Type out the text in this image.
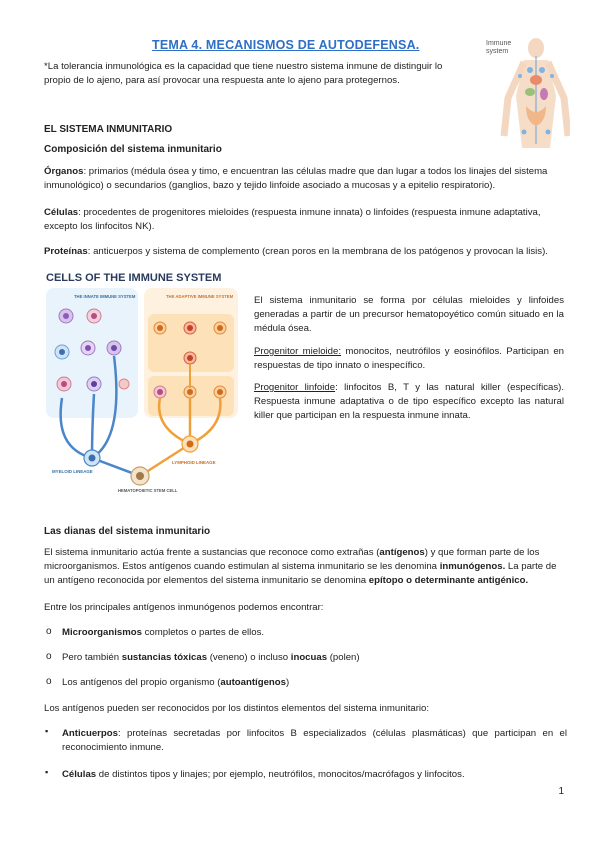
TEMA 4. MECANISMOS DE AUTODEFENSA.	Immune
system
*La tolerancia inmunológica es la capacidad que tiene nuestro sistema inmune de distinguir lo propio de lo ajeno, para así provocar una respuesta ante lo ajeno para protegernos.
EL SISTEMA INMUNITARIO
Composición del sistema inmunitario
Órganos: primarios (médula ósea y timo, e encuentran las células madre que dan lugar a todos los linajes del sistema inmunológico) o secundarios (ganglios, bazo y tejido linfoide asociado a mucosas y a epitelio respiratorio).
Células: procedentes de progenitores mieloides (respuesta inmune innata) o linfoides (respuesta inmune adaptativa, excepto los linfocitos NK).
Proteínas: anticuerpos y sistema de complemento (crean poros en la membrana de los patógenos y provocan la lisis).
CELLS OF THE IMMUNE SYSTEM
THE INNATE IMMUNE SYSTEM	THE ADAPTIVE IMMUNE SYSTEM
MYELOID LINEAGE
LYMPHOID LINEAGE
HEMATOPOIETIC STEM CELL
El sistema inmunitario se forma por células mieloides y linfoides generadas a partir de un precursor hematopoyético común situado en la médula ósea.
Progenitor mieloide: monocitos, neutrófilos y eosinófilos. Participan en respuestas de tipo innato o inespecífico.
Progenitor linfoide: linfocitos B, T y las natural killer (específicas). Respuesta inmune adaptativa o de tipo específico excepto las natural killer que participan en la respuesta inmune innata.
Las dianas del sistema inmunitario
El sistema inmunitario actúa frente a sustancias que reconoce como extrañas (antígenos) y que forman parte de los microorganismos. Estos antígenos cuando estimulan al sistema inmunitario se les denomina inmunógenos. La parte de un antígeno reconocida por elementos del sistema inmunitario se denomina epítopo o determinante antigénico.
Entre los principales antígenos inmunógenos podemos encontrar:
o Microorganismos completos o partes de ellos.
o Pero también sustancias tóxicas (veneno) o incluso inocuas (polen)
o Los antígenos del propio organismo (autoantígenos)
Los antígenos pueden ser reconocidos por los distintos elementos del sistema inmunitario:
▪ Anticuerpos: proteínas secretadas por linfocitos B especializados (células plasmáticas) que participan en el reconocimiento inmune.
▪ Células de distintos tipos y linajes; por ejemplo, neutrófilos, monocitos/macrófagos y linfocitos.
1
